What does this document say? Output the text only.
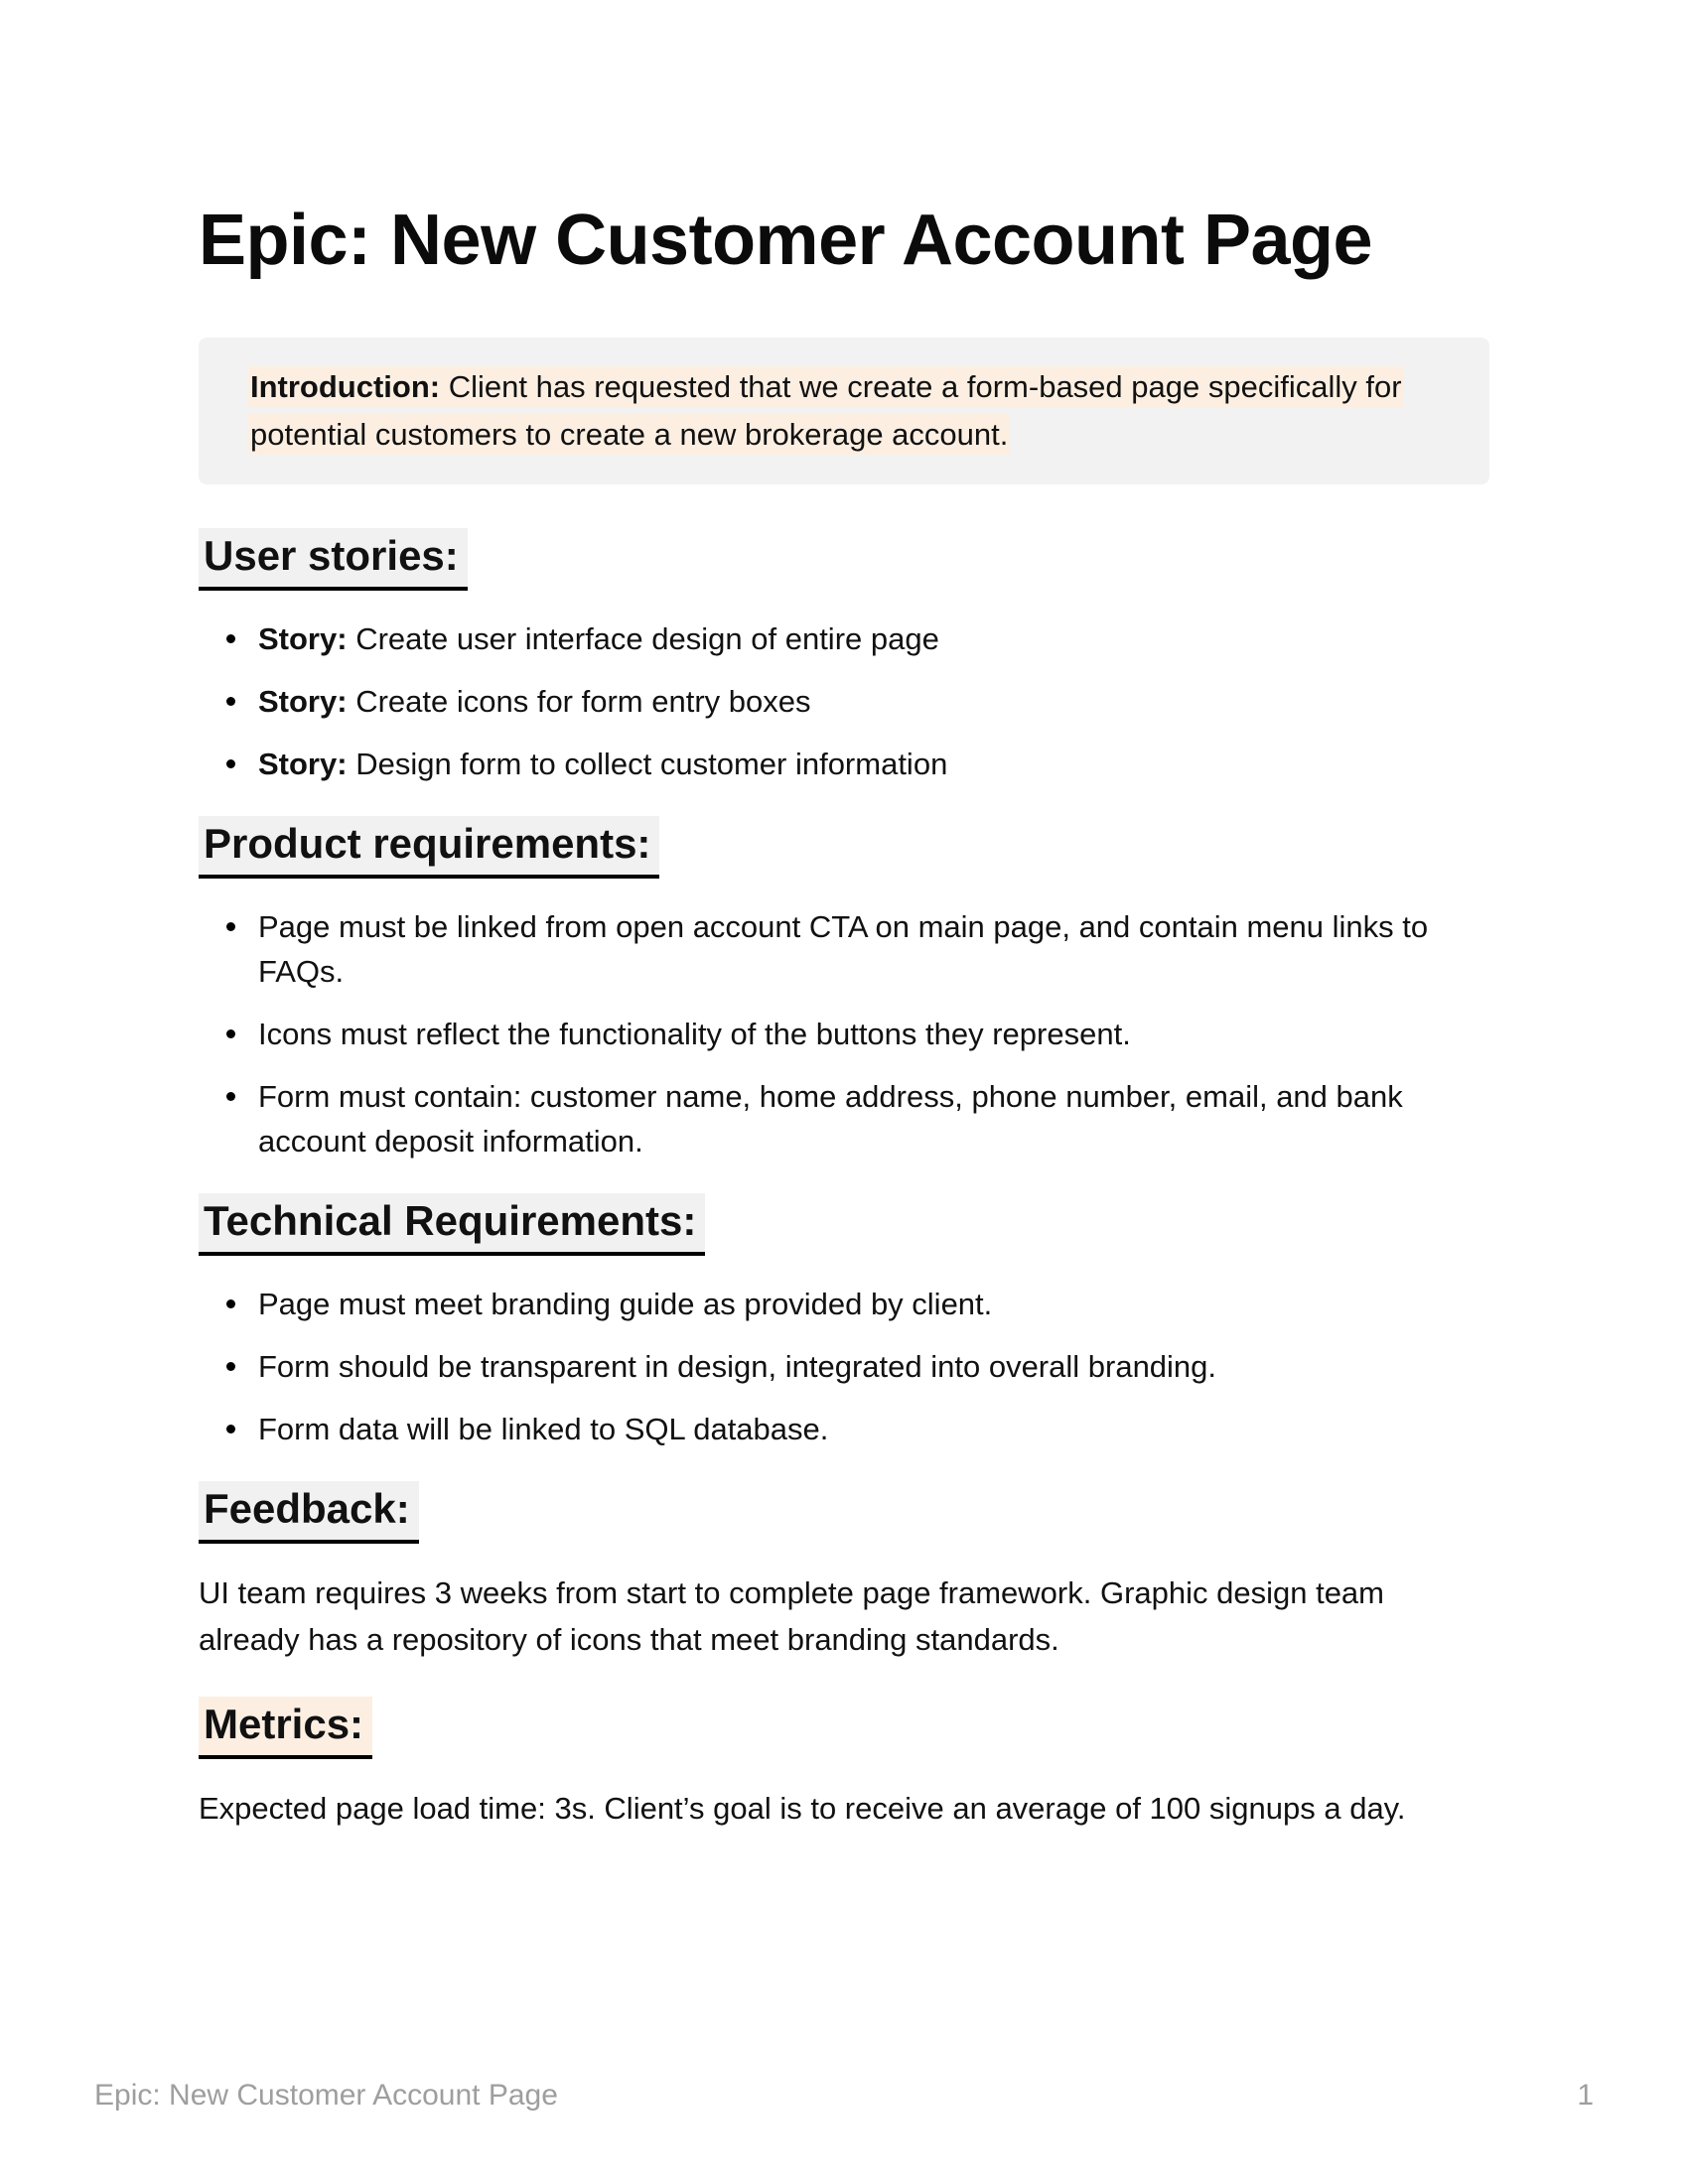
Epic: New Customer Account Page

Introduction: Client has requested that we create a form-based page specifically for potential customers to create a new brokerage account.

User stories:
Story: Create user interface design of entire page
Story: Create icons for form entry boxes
Story: Design form to collect customer information
Product requirements:
Page must be linked from open account CTA on main page, and contain menu links to FAQs.
Icons must reflect the functionality of the buttons they represent.
Form must contain: customer name, home address, phone number, email, and bank account deposit information.
Technical Requirements:
Page must meet branding guide as provided by client.
Form should be transparent in design, integrated into overall branding.
Form data will be linked to SQL database.
Feedback:

UI team requires 3 weeks from start to complete page framework. Graphic design team already has a repository of icons that meet branding standards.

Metrics:

Expected page load time: 3s. Client’s goal is to receive an average of 100 signups a day.

Epic: New Customer Account Page	1
